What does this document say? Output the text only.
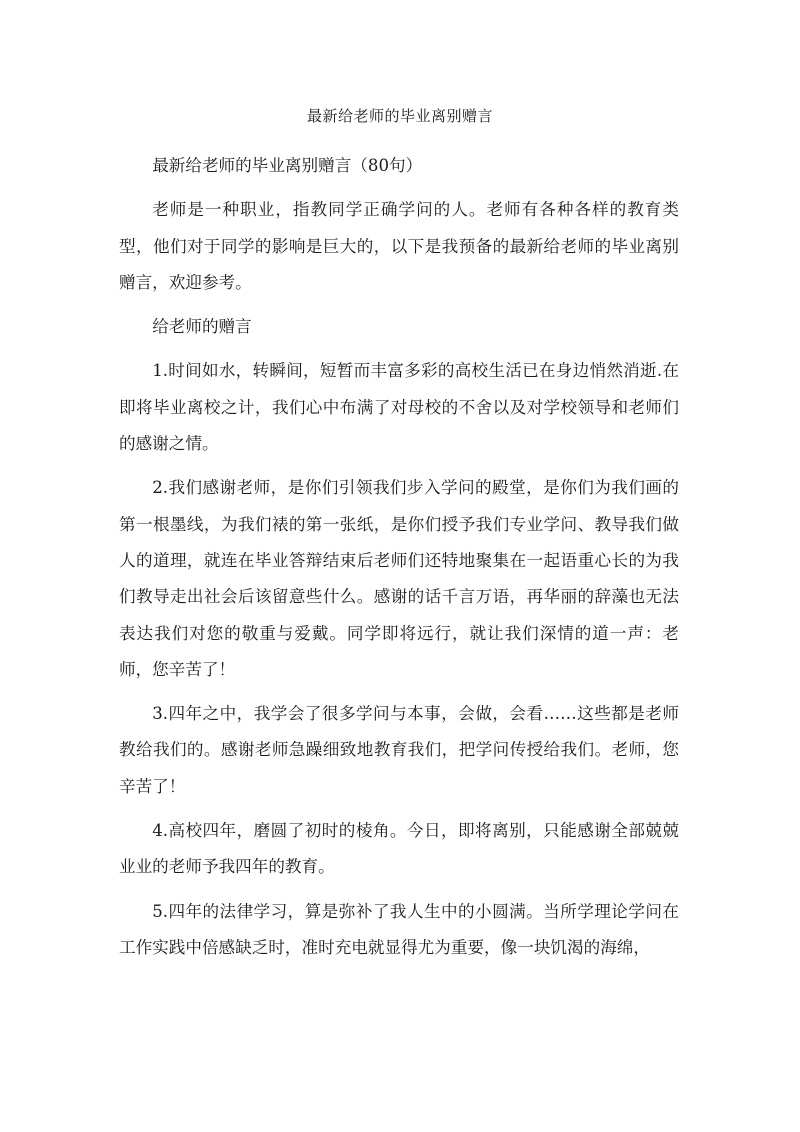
最新给老师的毕业离别赠言

最新给老师的毕业离别赠言（80句）

老师是一种职业，指教同学正确学问的人。老师有各种各样的教育类型，他们对于同学的影响是巨大的，以下是我预备的最新给老师的毕业离别赠言，欢迎参考。

给老师的赠言

1.时间如水，转瞬间，短暂而丰富多彩的高校生活已在身边悄然消逝.在即将毕业离校之计，我们心中布满了对母校的不舍以及对学校领导和老师们的感谢之情。

2.我们感谢老师，是你们引领我们步入学问的殿堂，是你们为我们画的第一根墨线，为我们裱的第一张纸，是你们授予我们专业学问、教导我们做人的道理，就连在毕业答辩结束后老师们还特地聚集在一起语重心长的为我们教导走出社会后该留意些什么。感谢的话千言万语，再华丽的辞藻也无法表达我们对您的敬重与爱戴。同学即将远行，就让我们深情的道一声：老师，您辛苦了！

3.四年之中，我学会了很多学问与本事，会做，会看……这些都是老师教给我们的。感谢老师急躁细致地教育我们，把学问传授给我们。老师，您辛苦了！

4.高校四年，磨圆了初时的棱角。今日，即将离别，只能感谢全部兢兢业业的老师予我四年的教育。

5.四年的法律学习，算是弥补了我人生中的小圆满。当所学理论学问在工作实践中倍感缺乏时，准时充电就显得尤为重要，像一块饥渴的海绵，
